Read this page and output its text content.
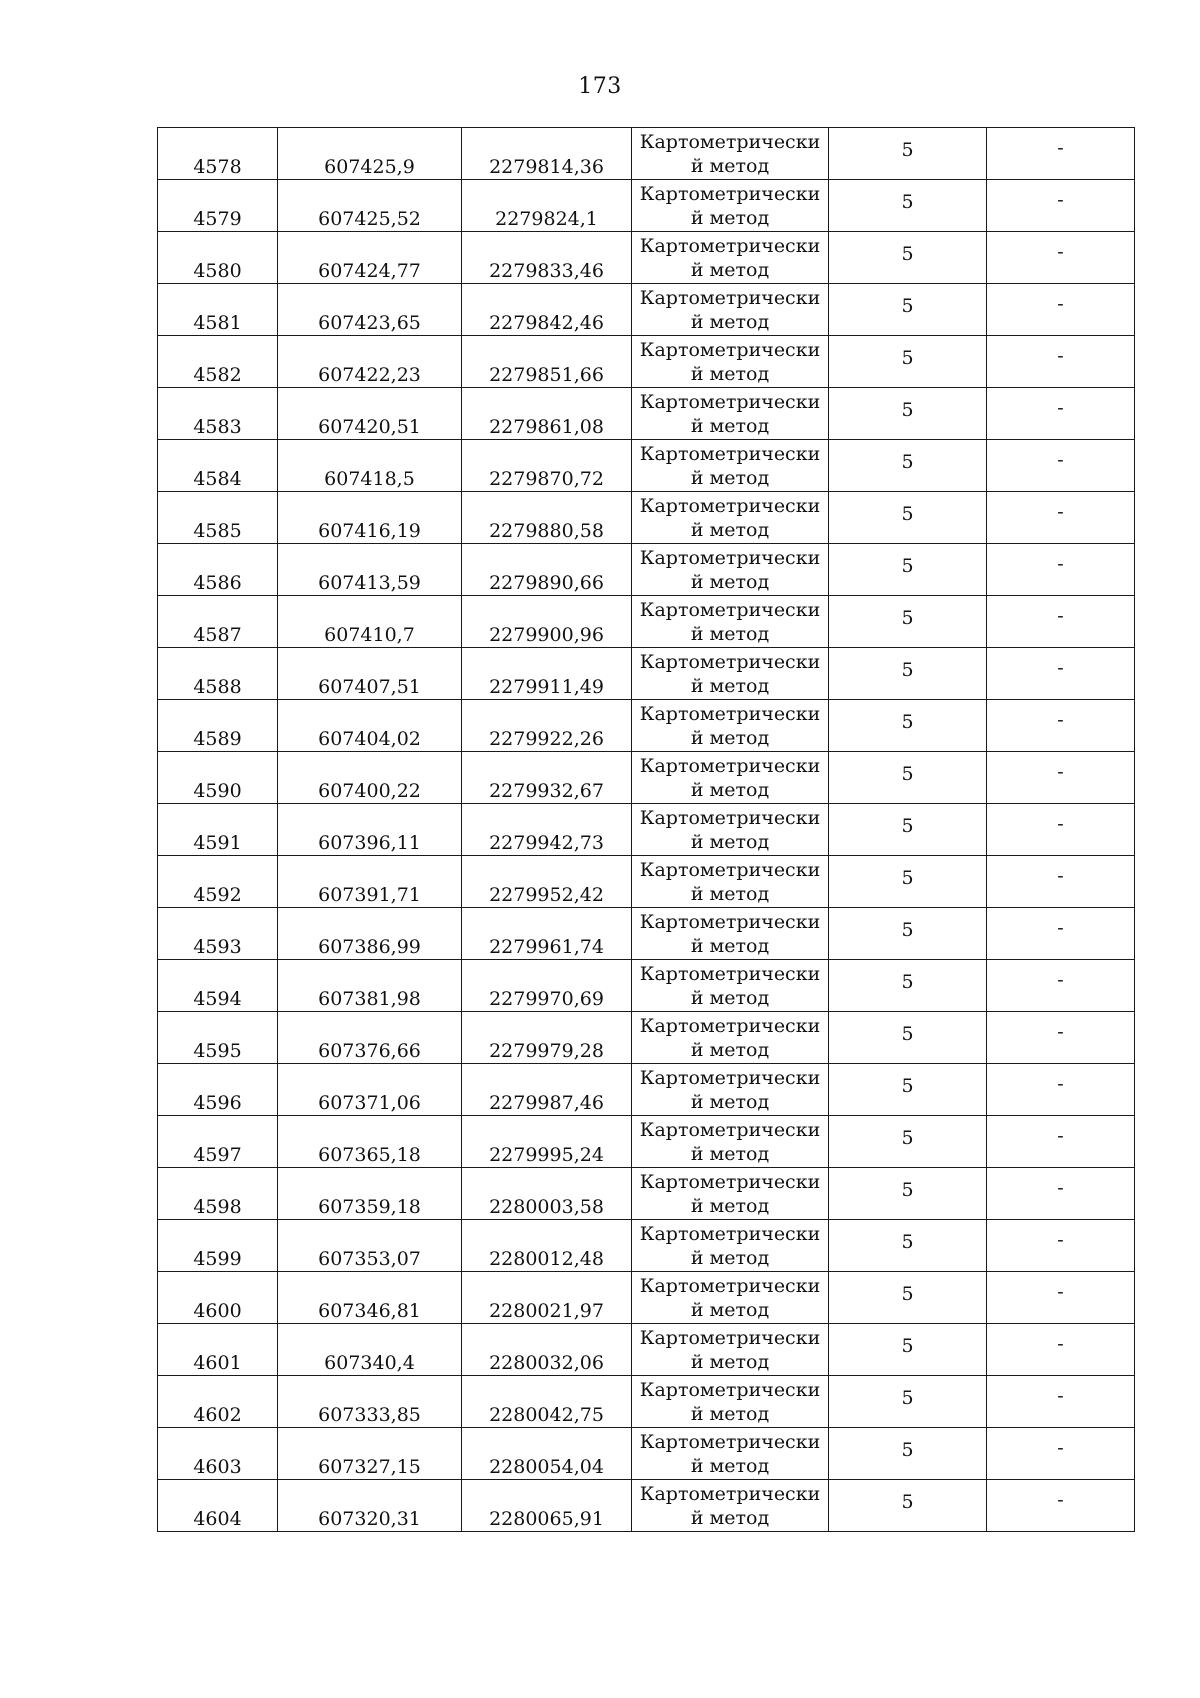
173
4578	607425,9	2279814,36	Картометрически
й метод	5	-
4579	607425,52	2279824,1	Картометрически
й метод	5	-
4580	607424,77	2279833,46	Картометрически
й метод	5	-
4581	607423,65	2279842,46	Картометрически
й метод	5	-
4582	607422,23	2279851,66	Картометрически
й метод	5	-
4583	607420,51	2279861,08	Картометрически
й метод	5	-
4584	607418,5	2279870,72	Картометрически
й метод	5	-
4585	607416,19	2279880,58	Картометрически
й метод	5	-
4586	607413,59	2279890,66	Картометрически
й метод	5	-
4587	607410,7	2279900,96	Картометрически
й метод	5	-
4588	607407,51	2279911,49	Картометрически
й метод	5	-
4589	607404,02	2279922,26	Картометрически
й метод	5	-
4590	607400,22	2279932,67	Картометрически
й метод	5	-
4591	607396,11	2279942,73	Картометрически
й метод	5	-
4592	607391,71	2279952,42	Картометрически
й метод	5	-
4593	607386,99	2279961,74	Картометрически
й метод	5	-
4594	607381,98	2279970,69	Картометрически
й метод	5	-
4595	607376,66	2279979,28	Картометрически
й метод	5	-
4596	607371,06	2279987,46	Картометрически
й метод	5	-
4597	607365,18	2279995,24	Картометрически
й метод	5	-
4598	607359,18	2280003,58	Картометрически
й метод	5	-
4599	607353,07	2280012,48	Картометрически
й метод	5	-
4600	607346,81	2280021,97	Картометрически
й метод	5	-
4601	607340,4	2280032,06	Картометрически
й метод	5	-
4602	607333,85	2280042,75	Картометрически
й метод	5	-
4603	607327,15	2280054,04	Картометрически
й метод	5	-
4604	607320,31	2280065,91	Картометрически
й метод	5	-
